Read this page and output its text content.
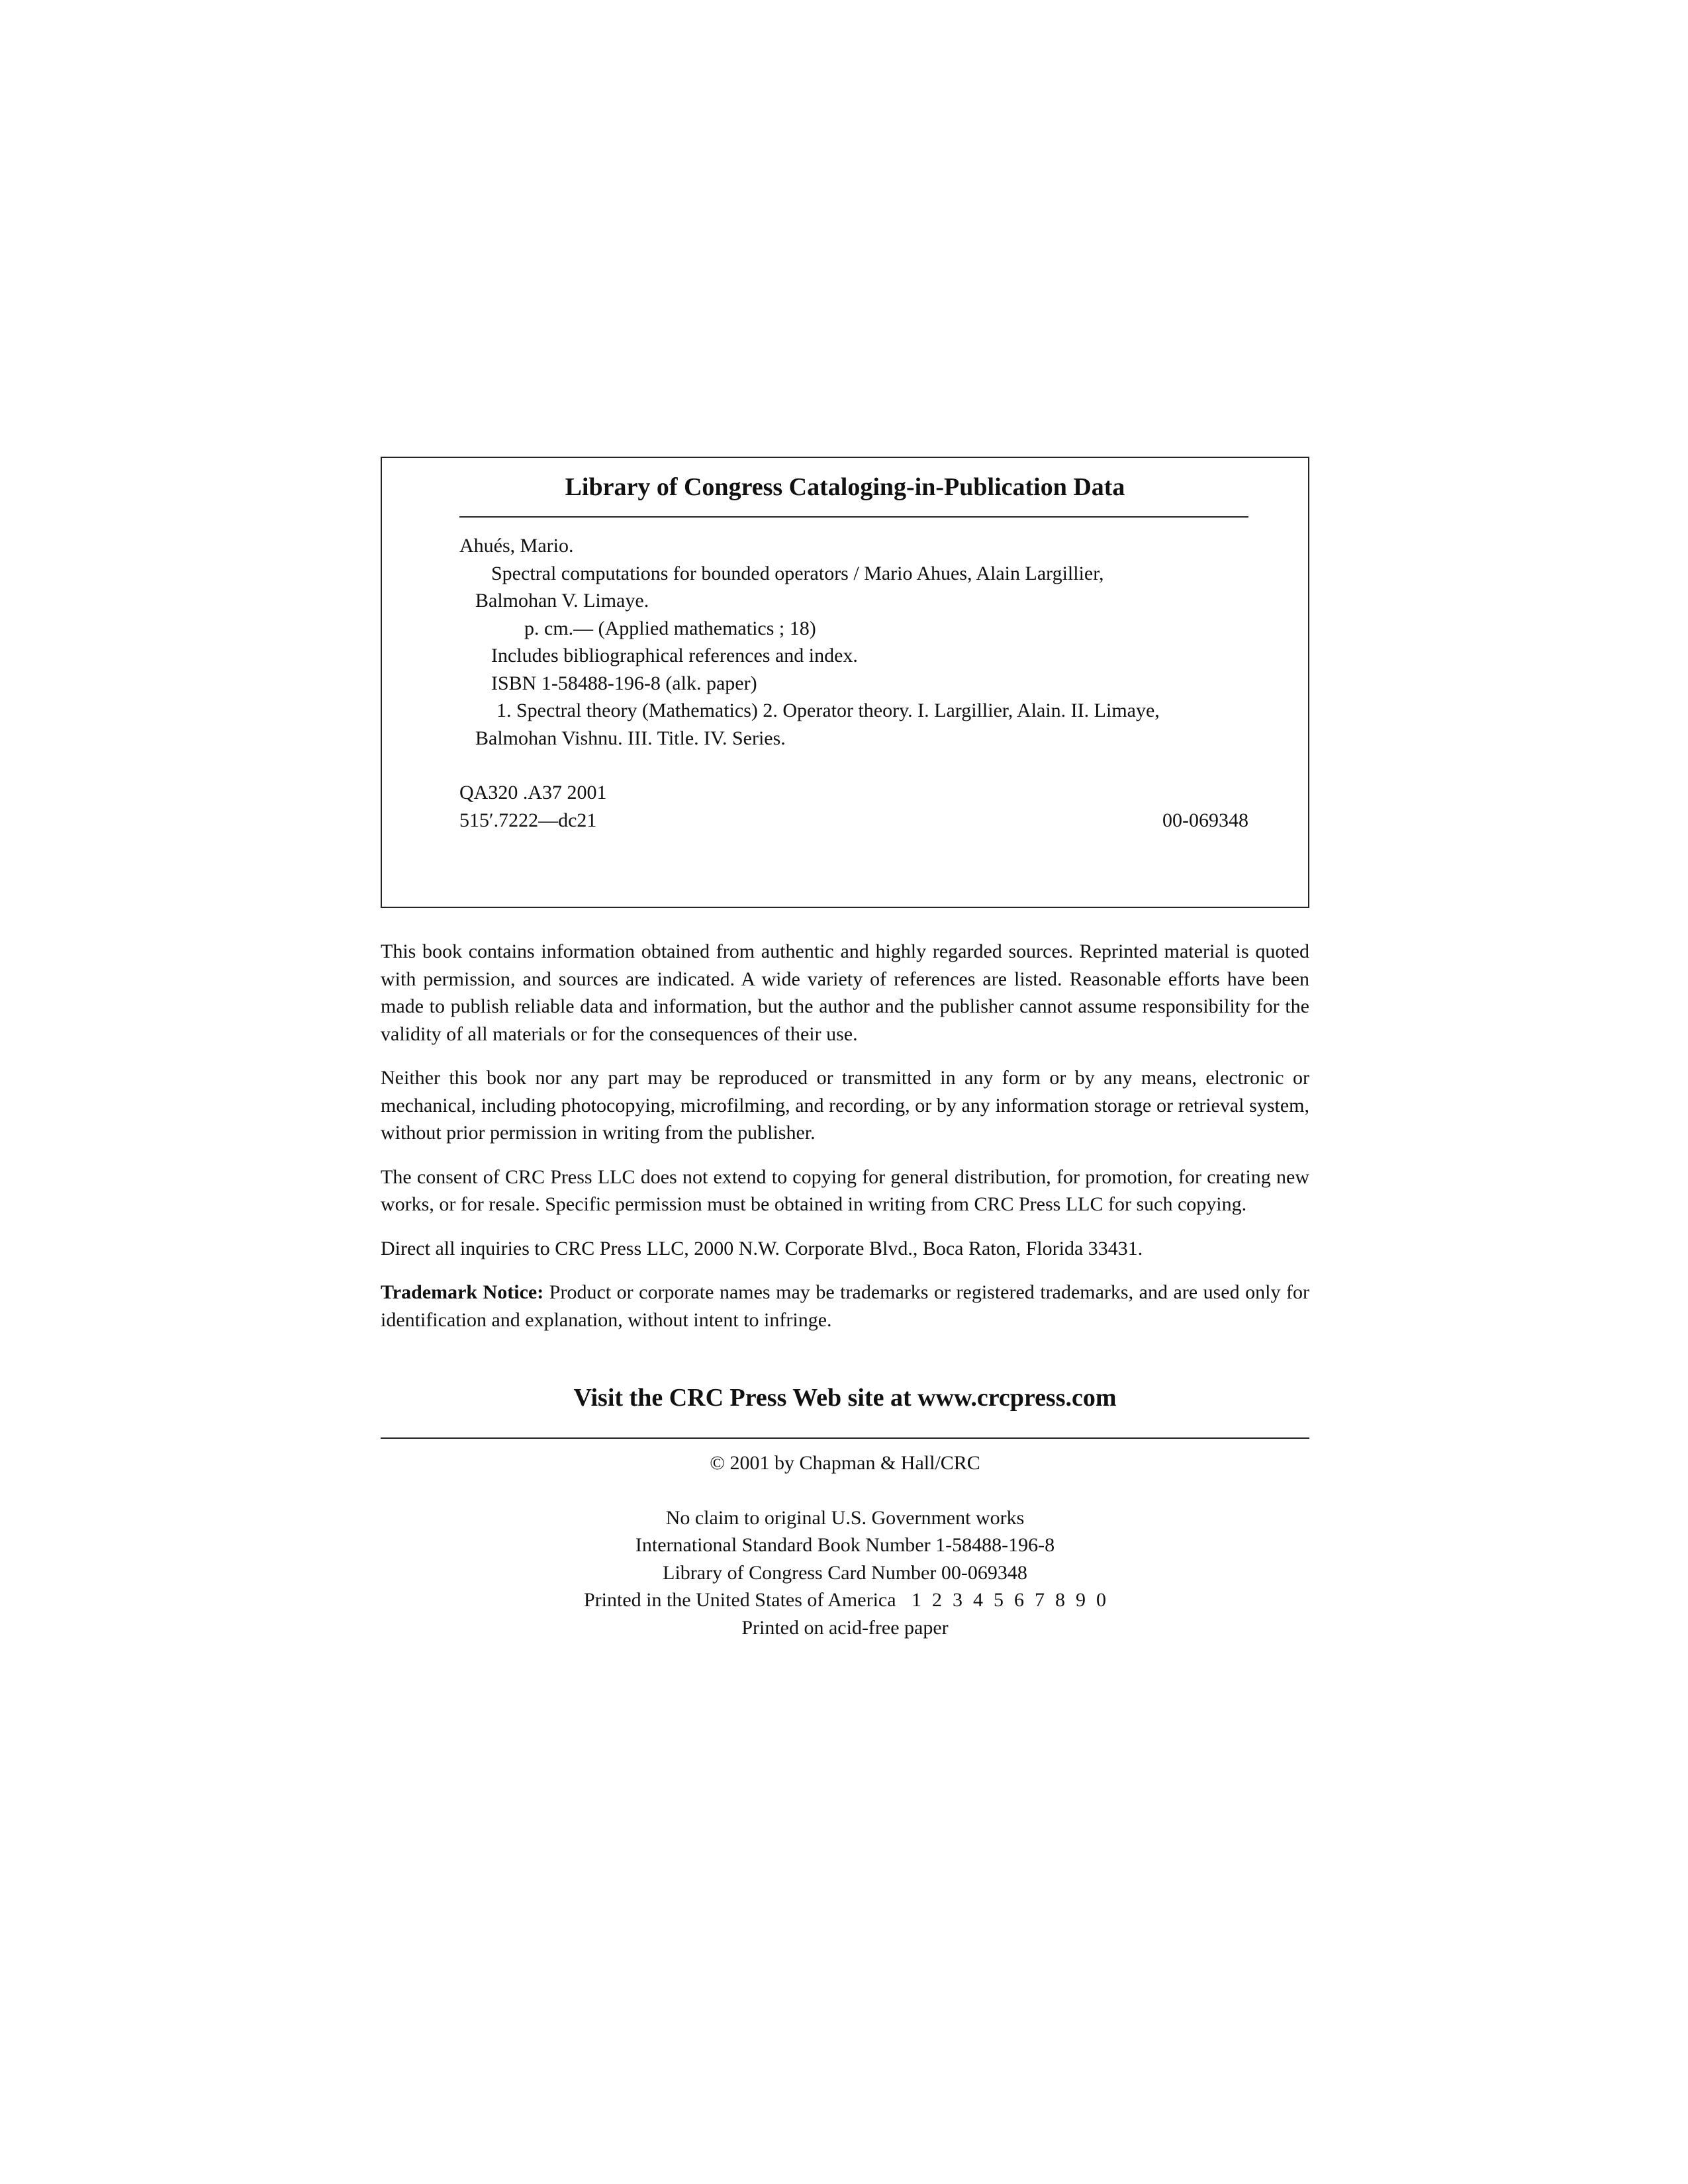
Library of Congress Cataloging-in-Publication Data
Ahués, Mario.
Spectral computations for bounded operators / Mario Ahues, Alain Largillier,
Balmohan V. Limaye.
p. cm.— (Applied mathematics ; 18)
Includes bibliographical references and index.
ISBN 1-58488-196-8 (alk. paper)
1. Spectral theory (Mathematics) 2. Operator theory. I. Largillier, Alain. II. Limaye,
Balmohan Vishnu. III. Title. IV. Series.
QA320 .A37 2001
515′.7222—dc21	00-069348

This book contains information obtained from authentic and highly regarded sources. Reprinted material is quoted with permission, and sources are indicated. A wide variety of references are listed. Reasonable efforts have been made to publish reliable data and information, but the author and the publisher cannot assume responsibility for the validity of all materials or for the consequences of their use.

Neither this book nor any part may be reproduced or transmitted in any form or by any means, electronic or mechanical, including photocopying, microfilming, and recording, or by any information storage or retrieval system, without prior permission in writing from the publisher.

The consent of CRC Press LLC does not extend to copying for general distribution, for promotion, for creating new works, or for resale. Specific permission must be obtained in writing from CRC Press LLC for such copying.

Direct all inquiries to CRC Press LLC, 2000 N.W. Corporate Blvd., Boca Raton, Florida 33431.

Trademark Notice: Product or corporate names may be trademarks or registered trademarks, and are used only for identification and explanation, without intent to infringe.

Visit the CRC Press Web site at www.crcpress.com
© 2001 by Chapman & Hall/CRC
No claim to original U.S. Government works
International Standard Book Number 1-58488-196-8
Library of Congress Card Number 00-069348
Printed in the United States of America 1 2 3 4 5 6 7 8 9 0
Printed on acid-free paper
